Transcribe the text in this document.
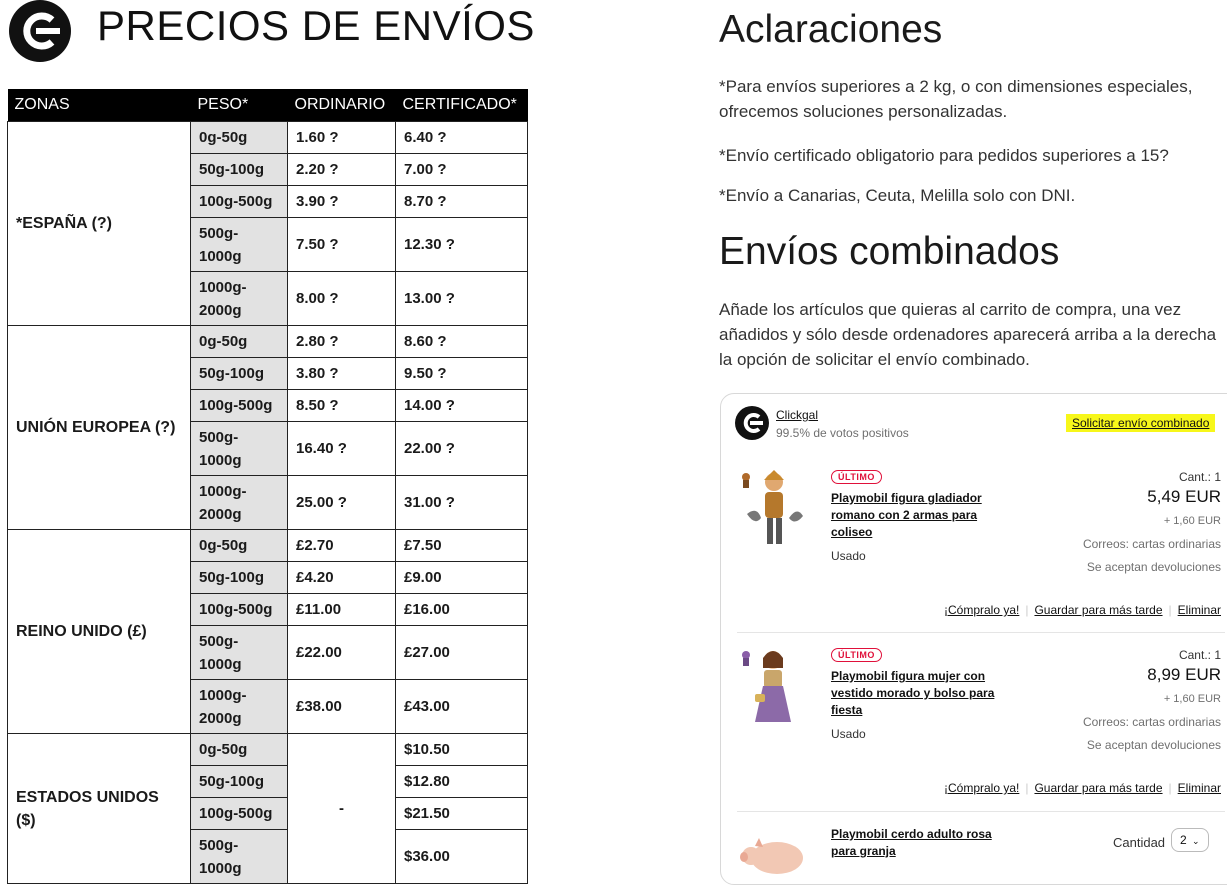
PRECIOS DE ENVÍOS
ZONAS	PESO*	ORDINARIO	CERTIFICADO*
*ESPAÑA (?)	0g-50g	1.60 ?	6.40 ?
	50g-100g	2.20 ?	7.00 ?
	100g-500g	3.90 ?	8.70 ?
	500g-1000g	7.50 ?	12.30 ?
	1000g-2000g	8.00 ?	13.00 ?
UNIÓN EUROPEA (?)	0g-50g	2.80 ?	8.60 ?
	50g-100g	3.80 ?	9.50 ?
	100g-500g	8.50 ?	14.00 ?
	500g-1000g	16.40 ?	22.00 ?
	1000g-2000g	25.00 ?	31.00 ?
REINO UNIDO (£)	0g-50g	£2.70	£7.50
	50g-100g	£4.20	£9.00
	100g-500g	£11.00	£16.00
	500g-1000g	£22.00	£27.00
	1000g-2000g	£38.00	£43.00
ESTADOS UNIDOS ($)	0g-50g	-	$10.50
	50g-100g		$12.80
	100g-500g		$21.50
	500g-1000g		$36.00
Aclaraciones
*Para envíos superiores a 2 kg, o con dimensiones especiales, ofrecemos soluciones personalizadas.
*Envío certificado obligatorio para pedidos superiores a 15?
*Envío a Canarias, Ceuta, Melilla solo con DNI.
Envíos combinados
Añade los artículos que quieras al carrito de compra, una vez añadidos y sólo desde ordenadores aparecerá arriba a la derecha la opción de solicitar el envío combinado.
Clickgal
99.5% de votos positivos
Solicitar envío combinado
ÚLTIMO
Playmobil figura gladiador romano con 2 armas para coliseo
Usado
Cant.: 1
5,49 EUR
+ 1,60 EUR
Correos: cartas ordinarias
Se aceptan devoluciones
¡Cómpralo ya! | Guardar para más tarde | Eliminar
ÚLTIMO
Playmobil figura mujer con vestido morado y bolso para fiesta
Usado
Cant.: 1
8,99 EUR
+ 1,60 EUR
Correos: cartas ordinarias
Se aceptan devoluciones
¡Cómpralo ya! | Guardar para más tarde | Eliminar
Playmobil cerdo adulto rosa para granja
Cantidad	2 ⌄
